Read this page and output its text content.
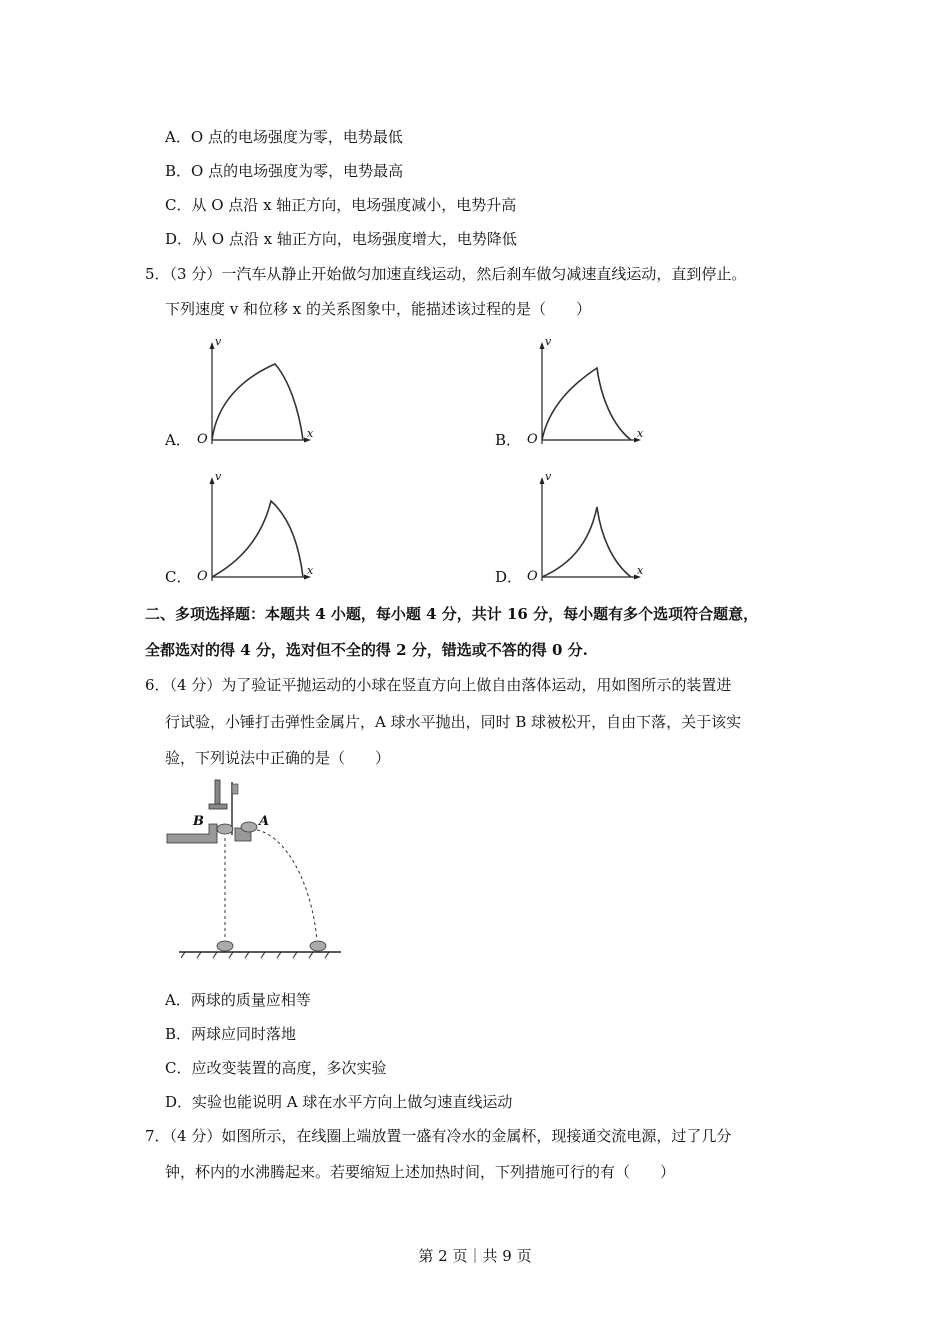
A．O 点的电场强度为零，电势最低
B．O 点的电场强度为零，电势最高
C．从 O 点沿 x 轴正方向，电场强度减小，电势升高
D．从 O 点沿 x 轴正方向，电场强度增大，电势降低
5．（3 分）一汽车从静止开始做匀加速直线运动，然后刹车做匀减速直线运动，直到停止。
下列速度 v 和位移 x 的关系图象中，能描述该过程的是（　　）
A．
v
x
O	B．
v
x
O
C．
v
x
O	D．
v
x
O
二、多项选择题：本题共 4 小题，每小题 4 分，共计 16 分，每小题有多个选项符合题意，
全都选对的得 4 分，选对但不全的得 2 分，错选或不答的得 0 分.
6．（4 分）为了验证平抛运动的小球在竖直方向上做自由落体运动，用如图所示的装置进
行试验，小锤打击弹性金属片，A 球水平抛出，同时 B 球被松开，自由下落，关于该实
验，下列说法中正确的是（　　）
B	A
A．两球的质量应相等
B．两球应同时落地
C．应改变装置的高度，多次实验
D．实验也能说明 A 球在水平方向上做匀速直线运动
7．（4 分）如图所示，在线圈上端放置一盛有冷水的金属杯，现接通交流电源，过了几分
钟，杯内的水沸腾起来。若要缩短上述加热时间，下列措施可行的有（　　）
第 2 页｜共 9 页
